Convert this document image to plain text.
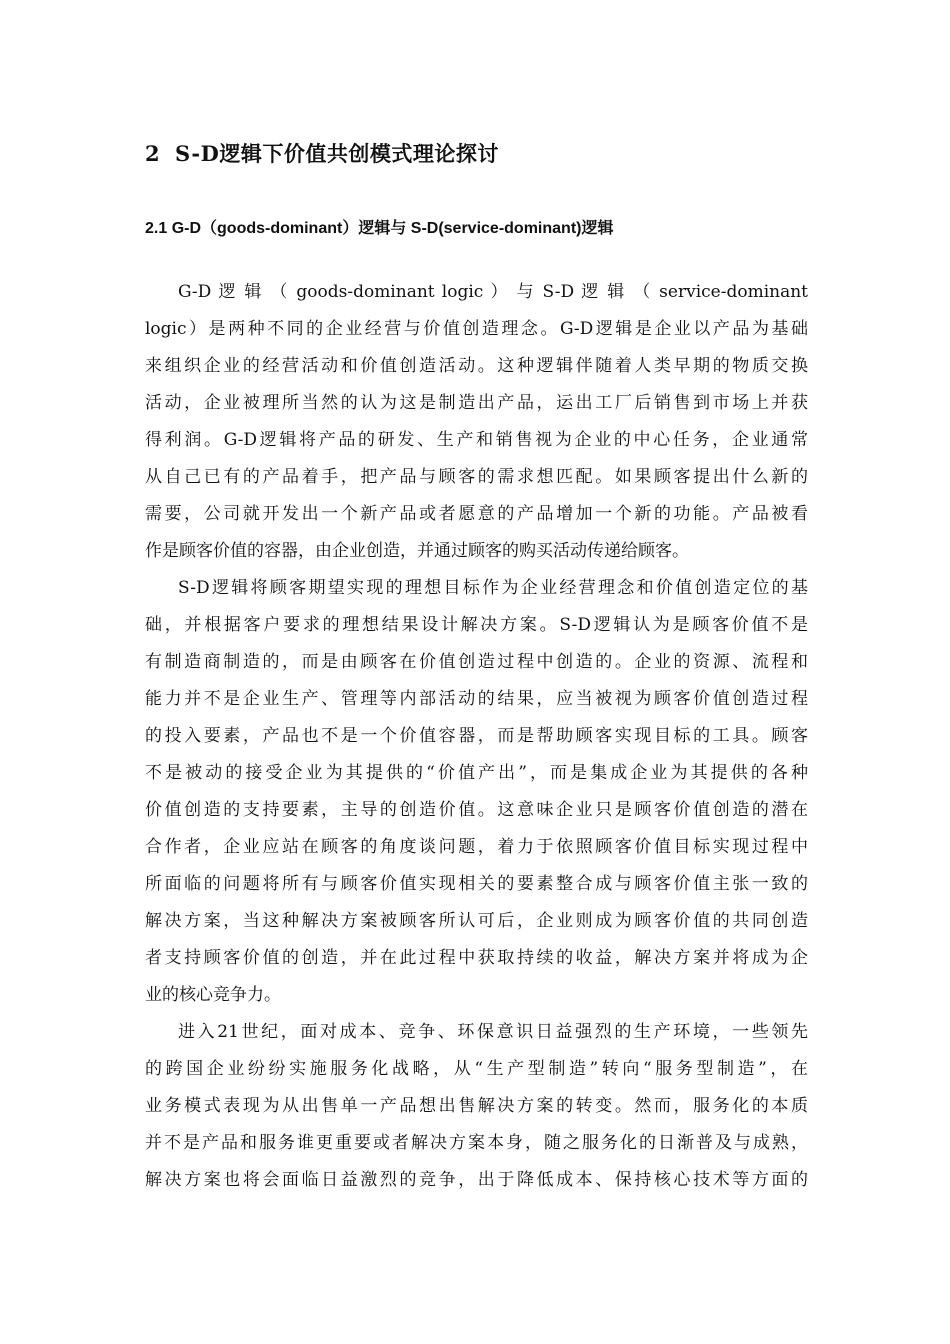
2 S-D逻辑下价值共创模式理论探讨
2.1 G-D（goods-dominant）逻辑与 S-D(service-dominant)逻辑
G-D 逻 辑 （ goods-dominant logic ） 与 S-D 逻 辑 （ service-dominant
logic）是两种不同的企业经营与价值创造理念。G-D逻辑是企业以产品为基础
来组织企业的经营活动和价值创造活动。这种逻辑伴随着人类早期的物质交换
活动，企业被理所当然的认为这是制造出产品，运出工厂后销售到市场上并获
得利润。G-D逻辑将产品的研发、生产和销售视为企业的中心任务，企业通常
从自己已有的产品着手，把产品与顾客的需求想匹配。如果顾客提出什么新的
需要，公司就开发出一个新产品或者愿意的产品增加一个新的功能。产品被看
作是顾客价值的容器，由企业创造，并通过顾客的购买活动传递给顾客。
S-D逻辑将顾客期望实现的理想目标作为企业经营理念和价值创造定位的基
础，并根据客户要求的理想结果设计解决方案。S-D逻辑认为是顾客价值不是
有制造商制造的，而是由顾客在价值创造过程中创造的。企业的资源、流程和
能力并不是企业生产、管理等内部活动的结果，应当被视为顾客价值创造过程
的投入要素，产品也不是一个价值容器，而是帮助顾客实现目标的工具。顾客
不是被动的接受企业为其提供的“价值产出”，而是集成企业为其提供的各种
价值创造的支持要素，主导的创造价值。这意味企业只是顾客价值创造的潜在
合作者，企业应站在顾客的角度谈问题，着力于依照顾客价值目标实现过程中
所面临的问题将所有与顾客价值实现相关的要素整合成与顾客价值主张一致的
解决方案，当这种解决方案被顾客所认可后，企业则成为顾客价值的共同创造
者支持顾客价值的创造，并在此过程中获取持续的收益，解决方案并将成为企
业的核心竞争力。
进入21世纪，面对成本、竞争、环保意识日益强烈的生产环境，一些领先
的跨国企业纷纷实施服务化战略，从“生产型制造”转向“服务型制造”，在
业务模式表现为从出售单一产品想出售解决方案的转变。然而，服务化的本质
并不是产品和服务谁更重要或者解决方案本身，随之服务化的日渐普及与成熟，
解决方案也将会面临日益激烈的竞争，出于降低成本、保持核心技术等方面的
